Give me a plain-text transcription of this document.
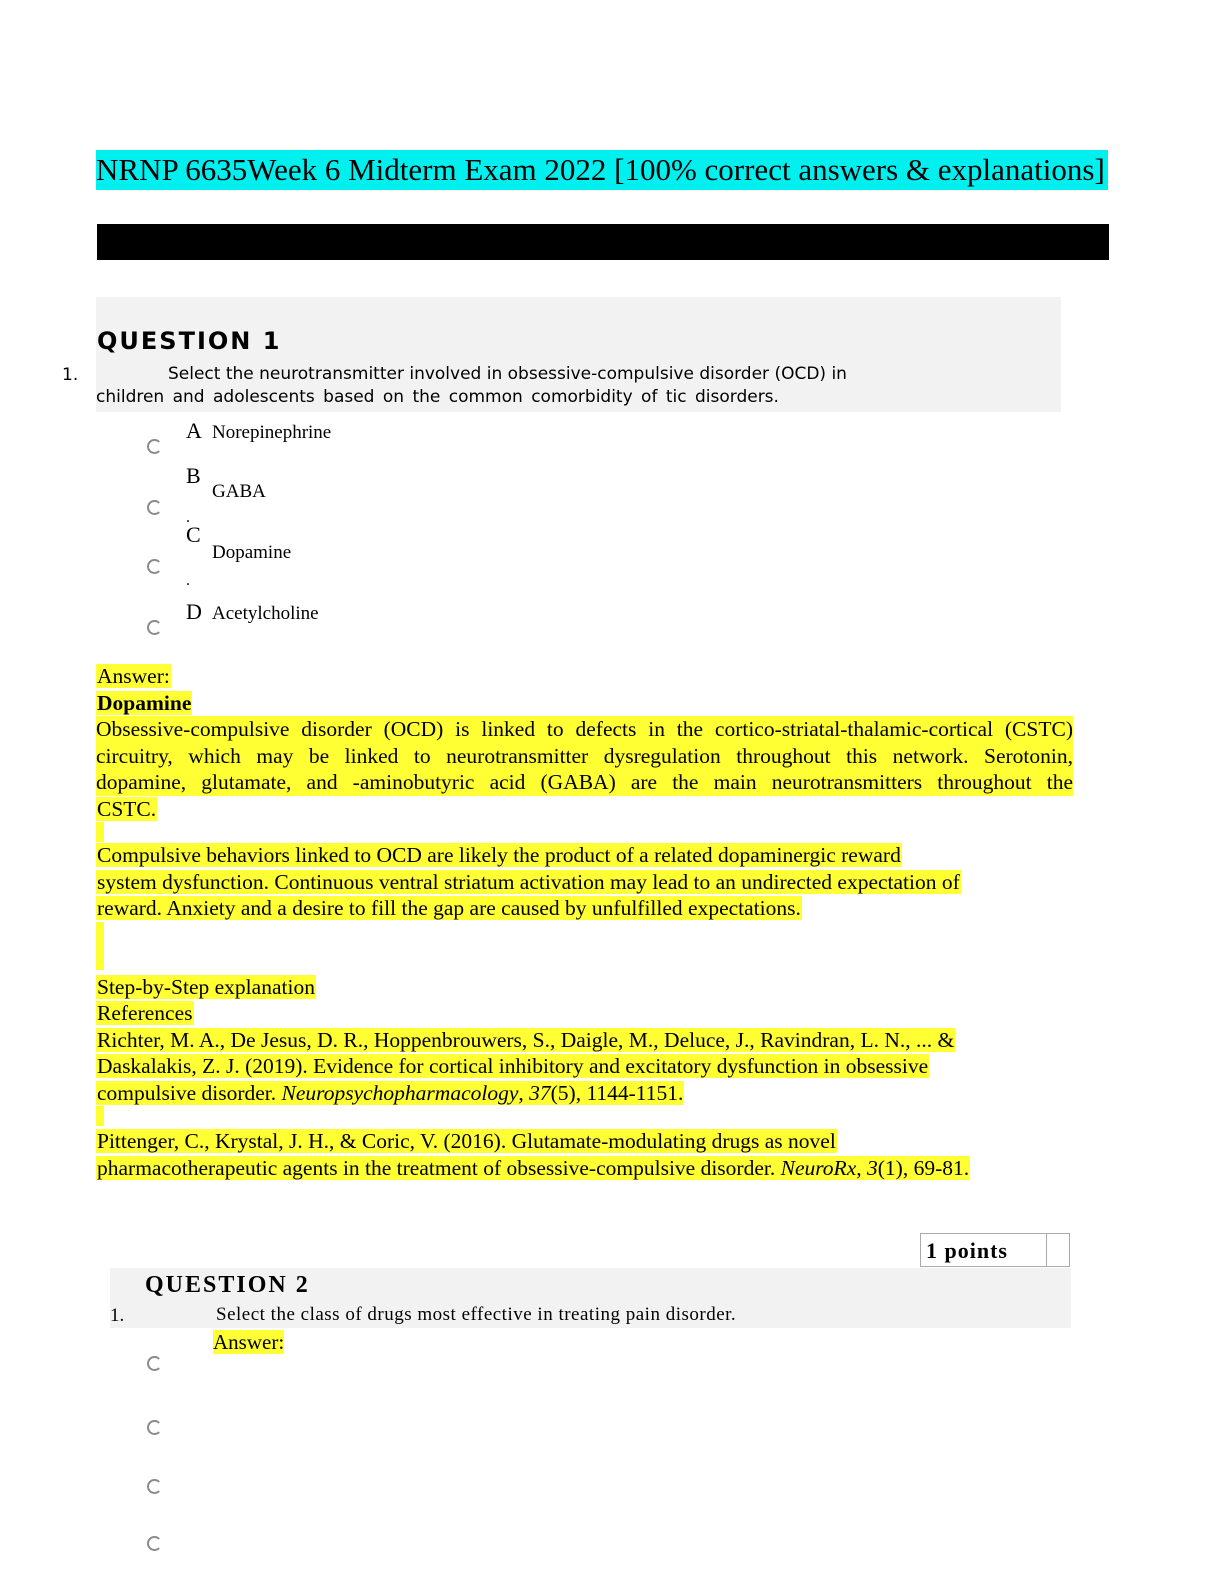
NRNP 6635Week 6 Midterm Exam 2022 [100% correct answers & explanations]
QUESTION 1
1.	Select the neurotransmitter involved in obsessive-compulsive disorder (OCD) in
children and adolescents based on the common comorbidity of tic disorders.
A Norepinephrine
B
GABA
.
C
Dopamine
.
D Acetylcholine
Answer:
Dopamine
Obsessive-compulsive disorder (OCD) is linked to defects in the cortico-striatal-thalamic-cortical (CSTC)
circuitry, which may be linked to neurotransmitter dysregulation throughout this network. Serotonin,
dopamine, glutamate, and -aminobutyric acid (GABA) are the main neurotransmitters throughout the
CSTC.
Compulsive behaviors linked to OCD are likely the product of a related dopaminergic reward
system dysfunction. Continuous ventral striatum activation may lead to an undirected expectation of
reward. Anxiety and a desire to fill the gap are caused by unfulfilled expectations.
Step-by-Step explanation
References
Richter, M. A., De Jesus, D. R., Hoppenbrouwers, S., Daigle, M., Deluce, J., Ravindran, L. N., ... &
Daskalakis, Z. J. (2019). Evidence for cortical inhibitory and excitatory dysfunction in obsessive
compulsive disorder. Neuropsychopharmacology, 37(5), 1144-1151.
Pittenger, C., Krystal, J. H., & Coric, V. (2016). Glutamate-modulating drugs as novel
pharmacotherapeutic agents in the treatment of obsessive-compulsive disorder. NeuroRx, 3(1), 69-81.
1 points
QUESTION 2
1.	Select the class of drugs most effective in treating pain disorder.
Answer:
